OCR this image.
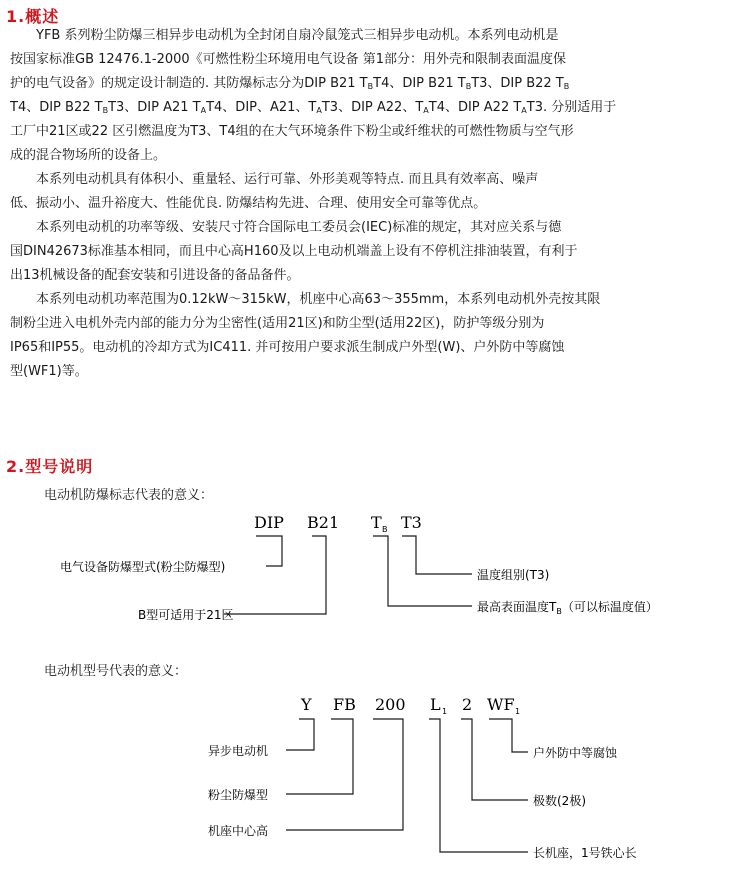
1.概述
YFB 系列粉尘防爆三相异步电动机为全封闭自扇冷鼠笼式三相异步电动机。本系列电动机是
按国家标准GB 12476.1-2000《可燃性粉尘环境用电气设备 第1部分：用外壳和限制表面温度保
护的电气设备》的规定设计制造的. 其防爆标志分为DIP B21 $T_BT4$、DIP B21 $T_BT3$、DIP B22 $T_B$
T4、DIP B22 $T_BT3$、DIP A21 $T_AT4$、DIP、A21、$T_AT3$、DIP A22、$T_AT4$、DIP A22 $T_AT3$. 分别适用于
工厂中21区或22 区引燃温度为T3、T4组的在大气环境条件下粉尘或纤维状的可燃性物质与空气形
成的混合物场所的设备上。
本系列电动机具有体积小、重量轻、运行可靠、外形美观等特点. 而且具有效率高、噪声
低、振动小、温升裕度大、性能优良. 防爆结构先进、合理、使用安全可靠等优点。
本系列电动机的功率等级、安装尺寸符合国际电工委员会(IEC)标准的规定，其对应关系与德
国DIN42673标准基本相同，而且中心高H160及以上电动机端盖上设有不停机注排油装置，有利于
出13机械设备的配套安装和引进设备的备品备件。
本系列电动机功率范围为0.12kW～315kW，机座中心高63～355mm，本系列电动机外壳按其限
制粉尘进入电机外壳内部的能力分为尘密性(适用21区)和防尘型(适用22区)，防护等级分别为
IP65和IP55。电动机的冷却方式为IC411. 并可按用户要求派生制成户外型(W)、户外防中等腐蚀
型(WF1)等。
2.型号说明
电动机防爆标志代表的意义：
DIP B21 T B T3
电气设备防爆型式(粉尘防爆型)
B型可适用于21区
温度组别(T3)
最高表面温度$T_B$（可以标温度值）
电动机型号代表的意义：
Y FB 200 L 1 2 WF 1
异步电动机
粉尘防爆型
机座中心高
户外防中等腐蚀
极数(2极)
长机座，1号铁心长
